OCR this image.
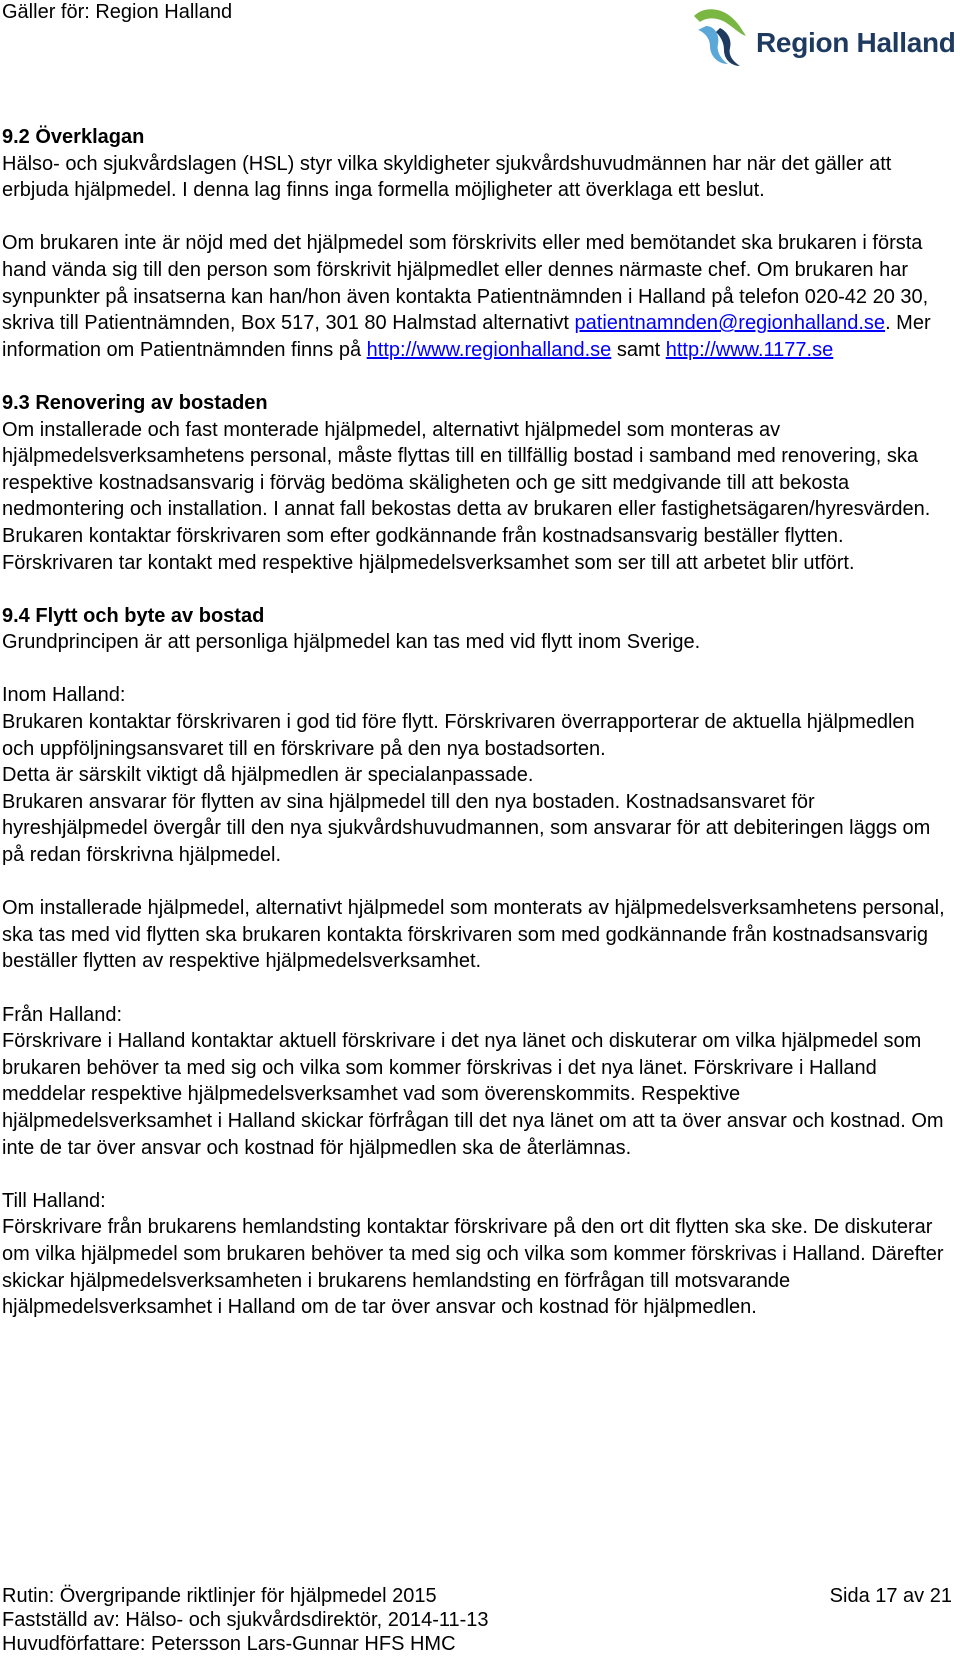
Gäller för: Region Halland
Region Halland
9.2 Överklagan

Hälso- och sjukvårdslagen (HSL) styr vilka skyldigheter sjukvårdshuvudmännen har när det gäller att erbjuda hjälpmedel. I denna lag finns inga formella möjligheter att överklaga ett beslut.

Om brukaren inte är nöjd med det hjälpmedel som förskrivits eller med bemötandet ska brukaren i första hand vända sig till den person som förskrivit hjälpmedlet eller dennes närmaste chef. Om brukaren har synpunkter på insatserna kan han/hon även kontakta Patientnämnden i Halland på telefon 020-42 20 30, skriva till Patientnämnden, Box 517, 301 80 Halmstad alternativt patientnamnden@regionhalland.se. Mer information om Patientnämnden finns på http://www.regionhalland.se samt http://www.1177.se

9.3 Renovering av bostaden

Om installerade och fast monterade hjälpmedel, alternativt hjälpmedel som monteras av hjälpmedelsverksamhetens personal, måste flyttas till en tillfällig bostad i samband med renovering, ska respektive kostnadsansvarig i förväg bedöma skäligheten och ge sitt medgivande till att bekosta nedmontering och installation. I annat fall bekostas detta av brukaren eller fastighetsägaren/hyresvärden. Brukaren kontaktar förskrivaren som efter godkännande från kostnadsansvarig beställer flytten. Förskrivaren tar kontakt med respektive hjälpmedelsverksamhet som ser till att arbetet blir utfört.

9.4 Flytt och byte av bostad

Grundprincipen är att personliga hjälpmedel kan tas med vid flytt inom Sverige.

Inom Halland:

Brukaren kontaktar förskrivaren i god tid före flytt. Förskrivaren överrapporterar de aktuella hjälpmedlen och uppföljningsansvaret till en förskrivare på den nya bostadsorten.

Detta är särskilt viktigt då hjälpmedlen är specialanpassade.

Brukaren ansvarar för flytten av sina hjälpmedel till den nya bostaden. Kostnadsansvaret för hyreshjälpmedel övergår till den nya sjukvårdshuvudmannen, som ansvarar för att debiteringen läggs om på redan förskrivna hjälpmedel.

Om installerade hjälpmedel, alternativt hjälpmedel som monterats av hjälpmedelsverksamhetens personal, ska tas med vid flytten ska brukaren kontakta förskrivaren som med godkännande från kostnadsansvarig beställer flytten av respektive hjälpmedelsverksamhet.

Från Halland:

Förskrivare i Halland kontaktar aktuell förskrivare i det nya länet och diskuterar om vilka hjälpmedel som brukaren behöver ta med sig och vilka som kommer förskrivas i det nya länet. Förskrivare i Halland meddelar respektive hjälpmedelsverksamhet vad som överenskommits. Respektive hjälpmedelsverksamhet i Halland skickar förfrågan till det nya länet om att ta över ansvar och kostnad. Om inte de tar över ansvar och kostnad för hjälpmedlen ska de återlämnas.

Till Halland:

Förskrivare från brukarens hemlandsting kontaktar förskrivare på den ort dit flytten ska ske. De diskuterar om vilka hjälpmedel som brukaren behöver ta med sig och vilka som kommer förskrivas i Halland. Därefter skickar hjälpmedelsverksamheten i brukarens hemlandsting en förfrågan till motsvarande hjälpmedelsverksamhet i Halland om de tar över ansvar och kostnad för hjälpmedlen.

Rutin: Övergripande riktlinjer för hjälpmedel 2015	Sida 17 av 21
Fastställd av: Hälso- och sjukvårdsdirektör, 2014-11-13
Huvudförfattare: Petersson Lars-Gunnar HFS HMC
